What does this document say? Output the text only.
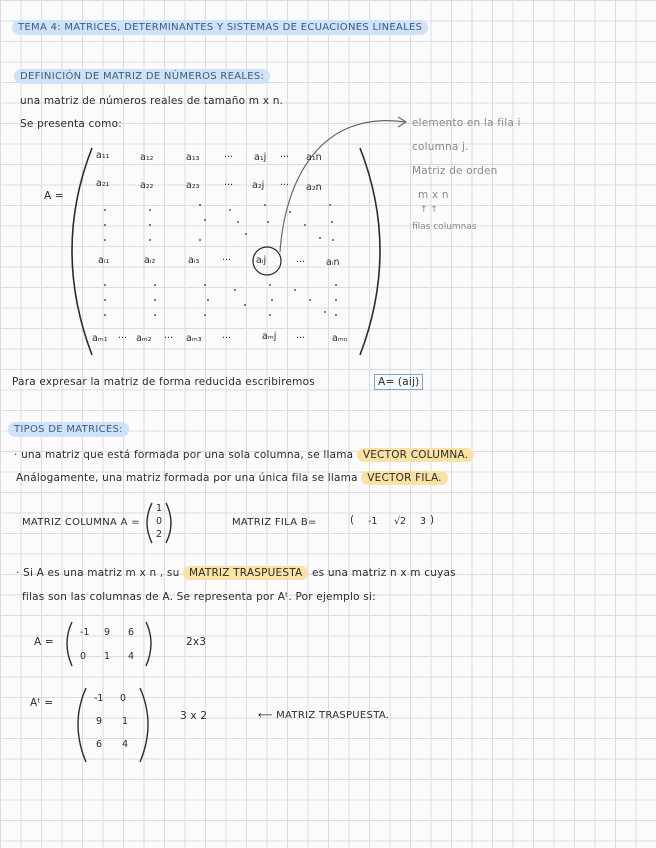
TEMA 4: MATRICES, DETERMINANTES Y SISTEMAS DE ECUACIONES LINEALES
DEFINICIÓN DE MATRIZ DE NÚMEROS REALES:
una matriz de números reales de tamaño m x n.
Se presenta como:
A =
a₁₁	a₁₂	a₁₃	··· a₁j ··· a₁n
a₂₁	a₂₂	a₂₃	··· a₂j ··· a₂n
aᵢ₁	aᵢ₂	aᵢ₃ ···	aᵢj	··· aᵢn
aₘ₁ ··· aₘ₂ ··· aₘ₃ ···	aₘj ···	aₘₙ
elemento en la fila i
columna j.
Matriz de orden
m x n
↑ ↑
filas columnas
Para expresar la matriz de forma reducida escribiremos	A= (aij)
TIPOS DE MATRICES:
· una matriz que está formada por una sola columna, se llama VECTOR COLUMNA.
Análogamente, una matriz formada por una única fila se llama VECTOR FILA.
MATRIZ COLUMNA A =
1
0
2
MATRIZ FILA B=	( -1 √2 3 )
· Si A es una matriz m x n , su MATRIZ TRASPUESTA es una matriz n x m cuyas
filas son las columnas de A. Se representa por Aᵗ. Por ejemplo si:
A =
-1 9 6
0 1 4
2x3
Aᵗ =	-1 0
9 1
6 4
3 x 2	⟵ MATRIZ TRASPUESTA.
